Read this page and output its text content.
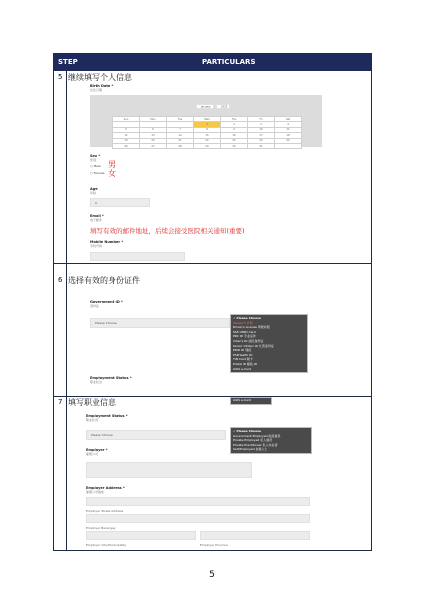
STEP	PARTICULARS
5 继续填写个人信息
Birth Date *
出生日期
January	2025
Sun	Mon	Tue	Wed	Thu	Fri	Sat
			1	2	3	4
5	6	7	8	9	10	11
12	13	14	15	16	17	18
19	20	21	22	23	24	25
26	27	28	29	30	31	
Sex *
性别
○ Male
○ Female
男
女
Age
年龄
0
Email *
电子邮件
填写有效的邮件地址，后续会接受医院相关通知(重要)
Mobile Number *
手机号码
6 选择有效的身份证件
Government ID *
身份证
Please Choose
✓ Please Choose
Passport 护照
Driver's License 驾驶执照
SSS UMID Card
PRC ID 专业证件
Voter's ID 选民身份证
Senior Citizen ID 长者身份证
PWD ID 残疾
PhilHealth ID
TIN Card 税卡
Postal ID 邮政 ID
GSIS e-Card
Employment Status *
职业状态
7 填写职业信息	GSIS e-Card
Employment Status *
职业状况
Please Choose
✓ Please Choose
Government Employed 政府雇员
Private Employed 私人雇员
Private Practitioner 私人执业者
Self-Employed 自雇人士
Employer *
雇佣公司
Employer Address *
雇佣公司地址
Employer Street Address
Employer Barangay
Employer City/Municipality	Employer Province
5
